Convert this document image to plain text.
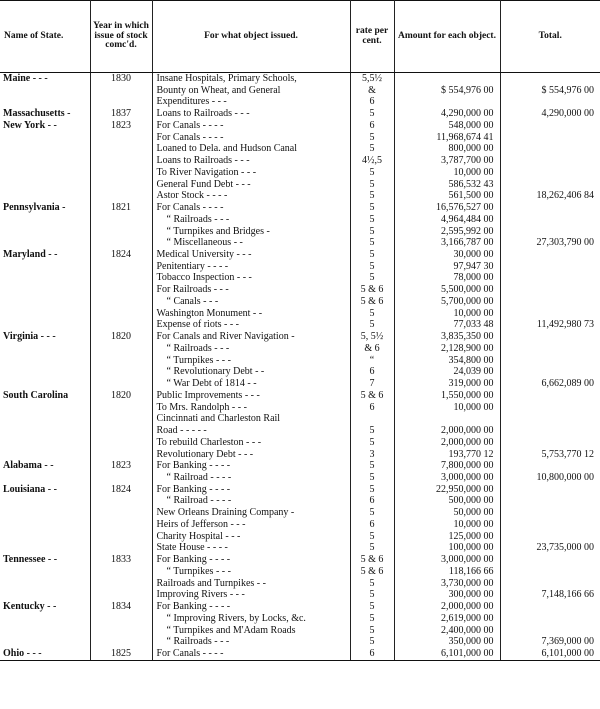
Name of State.	Year in which issue of stock comc'd.	For what object issued.	rate per cent.	Amount for each object.	Total.
Maine - - -	1830	Insane Hospitals, Primary Schools,	5,5½		
		Bounty on Wheat, and General	&	$ 554,976 00	$ 554,976 00
		Expenditures - - -	6		
Massachusetts -	1837	Loans to Railroads - - -	5	4,290,000 00	4,290,000 00
New York - -	1823	For Canals - - - -	6	548,000 00	
		For Canals - - - -	5	11,968,674 41	
		Loaned to Dela. and Hudson Canal	5	800,000 00	
		Loans to Railroads - - -	4½,5	3,787,700 00	
		To River Navigation - - -	5	10,000 00	
		General Fund Debt - - -	5	586,532 43	
		Astor Stock - - - -	5	561,500 00	18,262,406 84
Pennsylvania -	1821	For Canals - - - -	5	16,576,527 00	
		“ Railroads - - -	5	4,964,484 00	
		“ Turnpikes and Bridges -	5	2,595,992 00	
		“ Miscellaneous - -	5	3,166,787 00	27,303,790 00
Maryland - -	1824	Medical University - - -	5	30,000 00	
		Penitentiary - - - -	5	97,947 30	
		Tobacco Inspection - - -	5	78,000 00	
		For Railroads - - -	5 & 6	5,500,000 00	
		“ Canals - - -	5 & 6	5,700,000 00	
		Washington Monument - -	5	10,000 00	
		Expense of riots - - -	5	77,033 48	11,492,980 73
Virginia - - -	1820	For Canals and River Navigation -	5, 5½	3,835,350 00	
		“ Railroads - - -	& 6	2,128,900 00	
		“ Turnpikes - - -	“	354,800 00	
		“ Revolutionary Debt - -	6	24,039 00	
		“ War Debt of 1814 - -	7	319,000 00	6,662,089 00
South Carolina	1820	Public Improvements - - -	5 & 6	1,550,000 00	
		To Mrs. Randolph - - -	6	10,000 00	
		Cincinnati and Charleston Rail			
		Road - - - - -	5	2,000,000 00	
		To rebuild Charleston - - -	5	2,000,000 00	
		Revolutionary Debt - - -	3	193,770 12	5,753,770 12
Alabama - -	1823	For Banking - - - -	5	7,800,000 00	
		“ Railroad - - - -	5	3,000,000 00	10,800,000 00
Louisiana - -	1824	For Banking - - - -	5	22,950,000 00	
		“ Railroad - - - -	6	500,000 00	
		New Orleans Draining Company -	5	50,000 00	
		Heirs of Jefferson - - -	6	10,000 00	
		Charity Hospital - - -	5	125,000 00	
		State House - - - -	5	100,000 00	23,735,000 00
Tennessee - -	1833	For Banking - - - -	5 & 6	3,000,000 00	
		“ Turnpikes - - -	5 & 6	118,166 66	
		Railroads and Turnpikes - -	5	3,730,000 00	
		Improving Rivers - - -	5	300,000 00	7,148,166 66
Kentucky - -	1834	For Banking - - - -	5	2,000,000 00	
		“ Improving Rivers, by Locks, &c.	5	2,619,000 00	
		“ Turnpikes and M'Adam Roads	5	2,400,000 00	
		“ Railroads - - -	5	350,000 00	7,369,000 00
Ohio - - -	1825	For Canals - - - -	6	6,101,000 00	6,101,000 00
